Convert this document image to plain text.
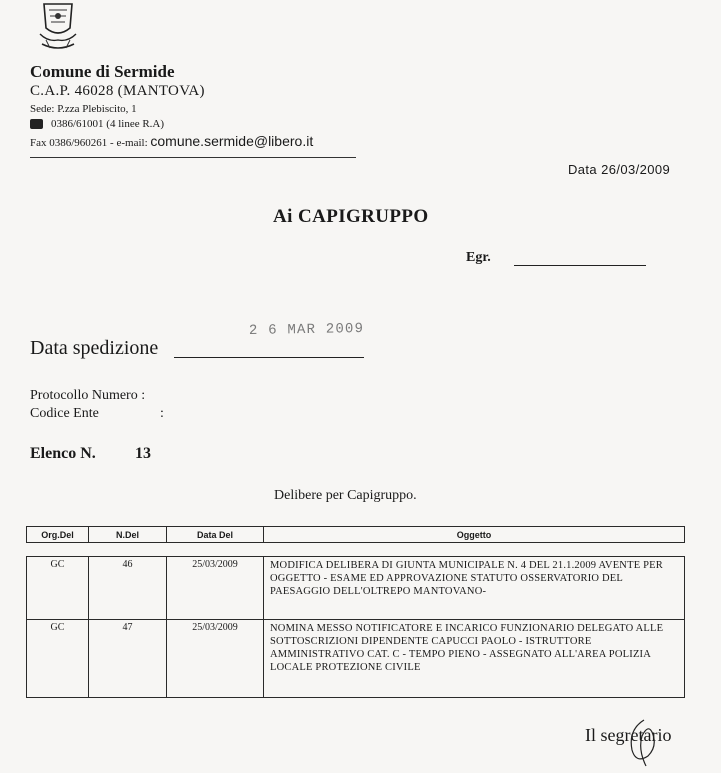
Comune di Sermide
C.A.P. 46028 (MANTOVA)
Sede: P.zza Plebiscito, 1
0386/61001 (4 linee R.A)
Fax 0386/960261 - e-mail: comune.sermide@libero.it
Data 26/03/2009
Ai CAPIGRUPPO
Egr.
2 6 MAR 2009
Data spedizione
Protocollo Numero :
Codice Ente	:
Elenco N. 13
Delibere per Capigruppo.
Org.Del	N.Del	Data Del	Oggetto
GC	46	25/03/2009	MODIFICA DELIBERA DI GIUNTA MUNICIPALE N. 4 DEL 21.1.2009 AVENTE PER OGGETTO - ESAME ED APPROVAZIONE STATUTO OSSERVATORIO DEL PAESAGGIO DELL'OLTREPO MANTOVANO-
GC	47	25/03/2009	NOMINA MESSO NOTIFICATORE E INCARICO FUNZIONARIO DELEGATO ALLE SOTTOSCRIZIONI DIPENDENTE CAPUCCI PAOLO - ISTRUTTORE AMMINISTRATIVO CAT. C - TEMPO PIENO - ASSEGNATO ALL'AREA POLIZIA LOCALE PROTEZIONE CIVILE
Il segretario
